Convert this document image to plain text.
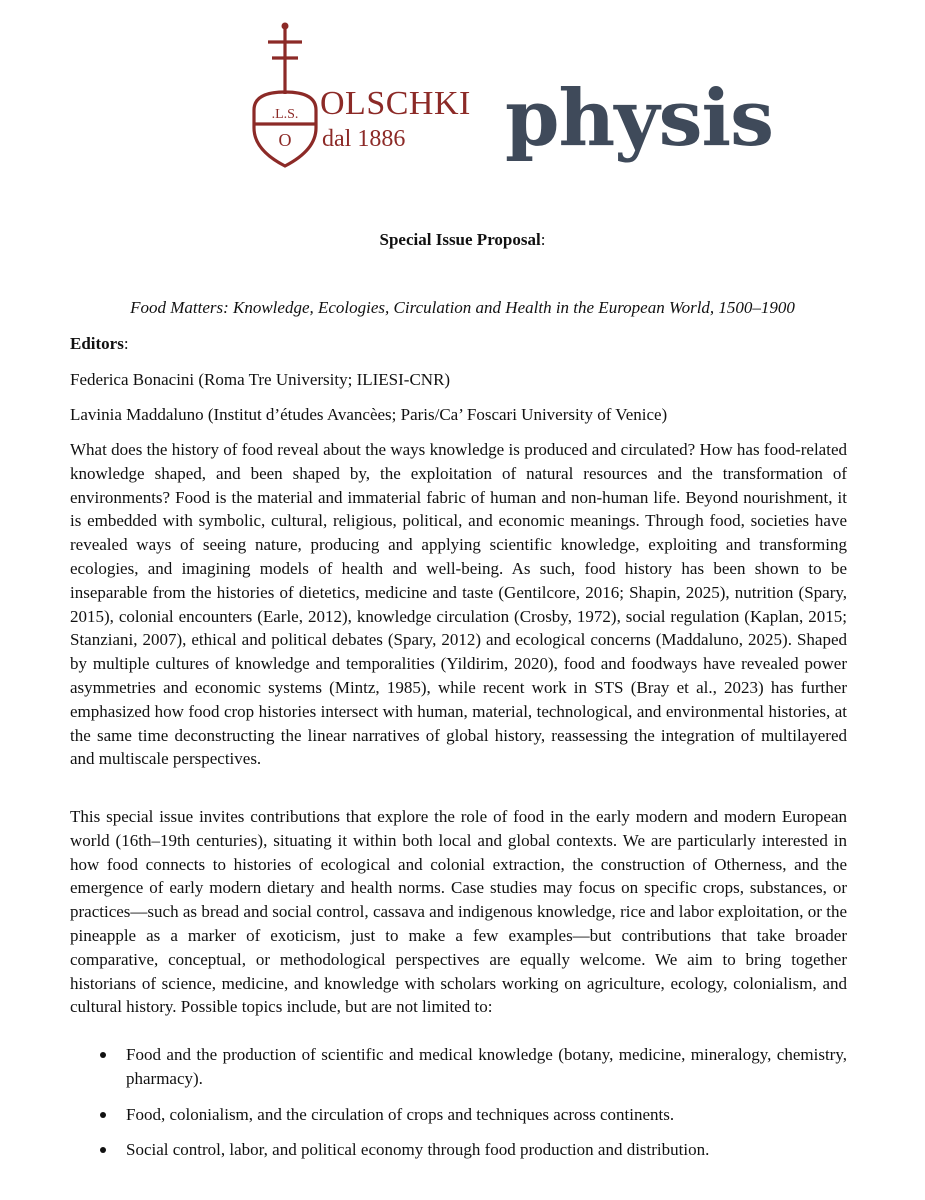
.L.S.
O
OLSCHKI
dal 1886 physis
Special Issue Proposal:
Food Matters: Knowledge, Ecologies, Circulation and Health in the European World, 1500–1900
Editors:
Federica Bonacini (Roma Tre University; ILIESI-CNR)
Lavinia Maddaluno (Institut d’études Avancèes; Paris/Ca’ Foscari University of Venice)

What does the history of food reveal about the ways knowledge is produced and circulated? How has food-related knowledge shaped, and been shaped by, the exploitation of natural resources and the transformation of environments? Food is the material and immaterial fabric of human and non-human life. Beyond nourishment, it is embedded with symbolic, cultural, religious, political, and economic meanings. Through food, societies have revealed ways of seeing nature, producing and applying scientific knowledge, exploiting and transforming ecologies, and imagining models of health and well-being. As such, food history has been shown to be inseparable from the histories of dietetics, medicine and taste (Gentilcore, 2016; Shapin, 2025), nutrition (Spary, 2015), colonial encounters (Earle, 2012), knowledge circulation (Crosby, 1972), social regulation (Kaplan, 2015; Stanziani, 2007), ethical and political debates (Spary, 2012) and ecological concerns (Maddaluno, 2025). Shaped by multiple cultures of knowledge and temporalities (Yildirim, 2020), food and foodways have revealed power asymmetries and economic systems (Mintz, 1985), while recent work in STS (Bray et al., 2023) has further emphasized how food crop histories intersect with human, material, technological, and environmental histories, at the same time deconstructing the linear narratives of global history, reassessing the integration of multilayered and multiscale perspectives.

This special issue invites contributions that explore the role of food in the early modern and modern European world (16th–19th centuries), situating it within both local and global contexts. We are particularly interested in how food connects to histories of ecological and colonial extraction, the construction of Otherness, and the emergence of early modern dietary and health norms. Case studies may focus on specific crops, substances, or practices—such as bread and social control, cassava and indigenous knowledge, rice and labor exploitation, or the pineapple as a marker of exoticism, just to make a few examples—but contributions that take broader comparative, conceptual, or methodological perspectives are equally welcome. We aim to bring together historians of science, medicine, and knowledge with scholars working on agriculture, ecology, colonialism, and cultural history. Possible topics include, but are not limited to:

Food and the production of scientific and medical knowledge (botany, medicine, mineralogy, chemistry, pharmacy).
Food, colonialism, and the circulation of crops and techniques across continents.
Social control, labor, and political economy through food production and distribution.
